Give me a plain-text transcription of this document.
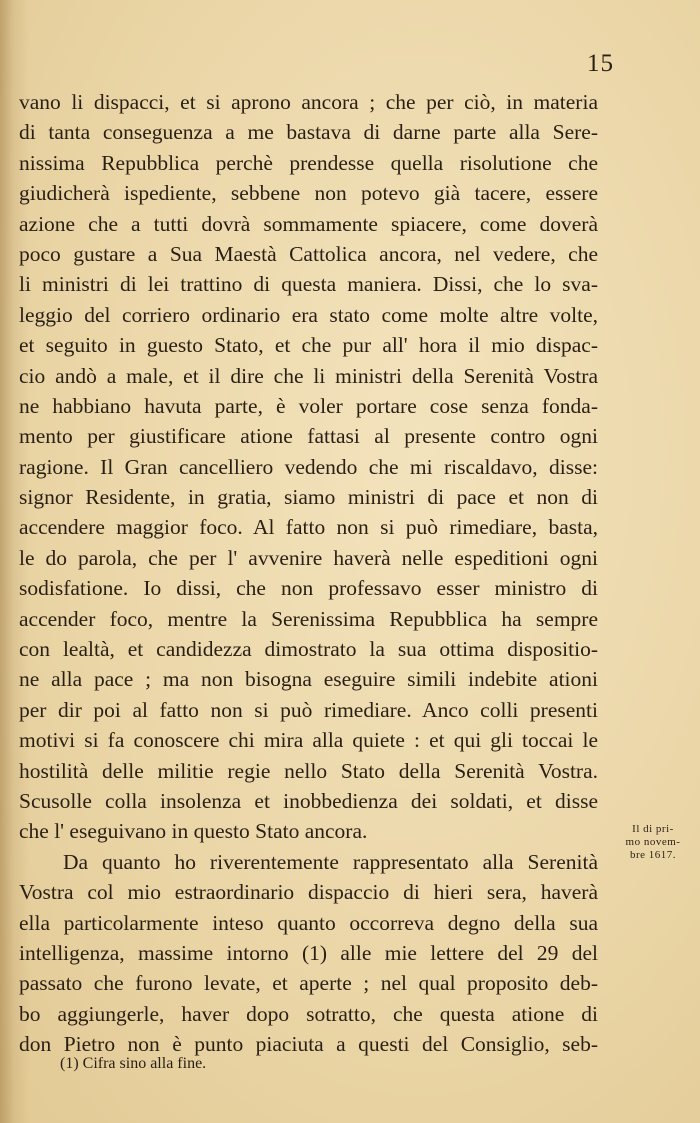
15
vano li dispacci, et si aprono ancora ; che per ciò, in materia
di tanta conseguenza a me bastava di darne parte alla Sere-
nissima Repubblica perchè prendesse quella risolutione che
giudicherà ispediente, sebbene non potevo già tacere, essere
azione che a tutti dovrà sommamente spiacere, come doverà
poco gustare a Sua Maestà Cattolica ancora, nel vedere, che
li ministri di lei trattino di questa maniera. Dissi, che lo sva-
leggio del corriero ordinario era stato come molte altre volte,
et seguito in guesto Stato, et che pur all' hora il mio dispac-
cio andò a male, et il dire che li ministri della Serenità Vostra
ne habbiano havuta parte, è voler portare cose senza fonda-
mento per giustificare atione fattasi al presente contro ogni
ragione. Il Gran cancelliero vedendo che mi riscaldavo, disse:
signor Residente, in gratia, siamo ministri di pace et non di
accendere maggior foco. Al fatto non si può rimediare, basta,
le do parola, che per l' avvenire haverà nelle espeditioni ogni
sodisfatione. Io dissi, che non professavo esser ministro di
accender foco, mentre la Serenissima Repubblica ha sempre
con lealtà, et candidezza dimostrato la sua ottima dispositio-
ne alla pace ; ma non bisogna eseguire simili indebite ationi
per dir poi al fatto non si può rimediare. Anco colli presenti
motivi si fa conoscere chi mira alla quiete : et qui gli toccai le
hostilità delle militie regie nello Stato della Serenità Vostra.
Scusolle colla insolenza et inobbedienza dei soldati, et disse
che l' eseguivano in questo Stato ancora.
Da quanto ho riverentemente rappresentato alla Serenità
Vostra col mio estraordinario dispaccio di hieri sera, haverà
ella particolarmente inteso quanto occorreva degno della sua
intelligenza, massime intorno (1) alle mie lettere del 29 del
passato che furono levate, et aperte ; nel qual proposito deb-
bo aggiungerle, haver dopo sotratto, che questa atione di
don Pietro non è punto piaciuta a questi del Consiglio, seb-
Il di pri-
mo novem-
bre 1617.
(1) Cifra sino alla fine.
